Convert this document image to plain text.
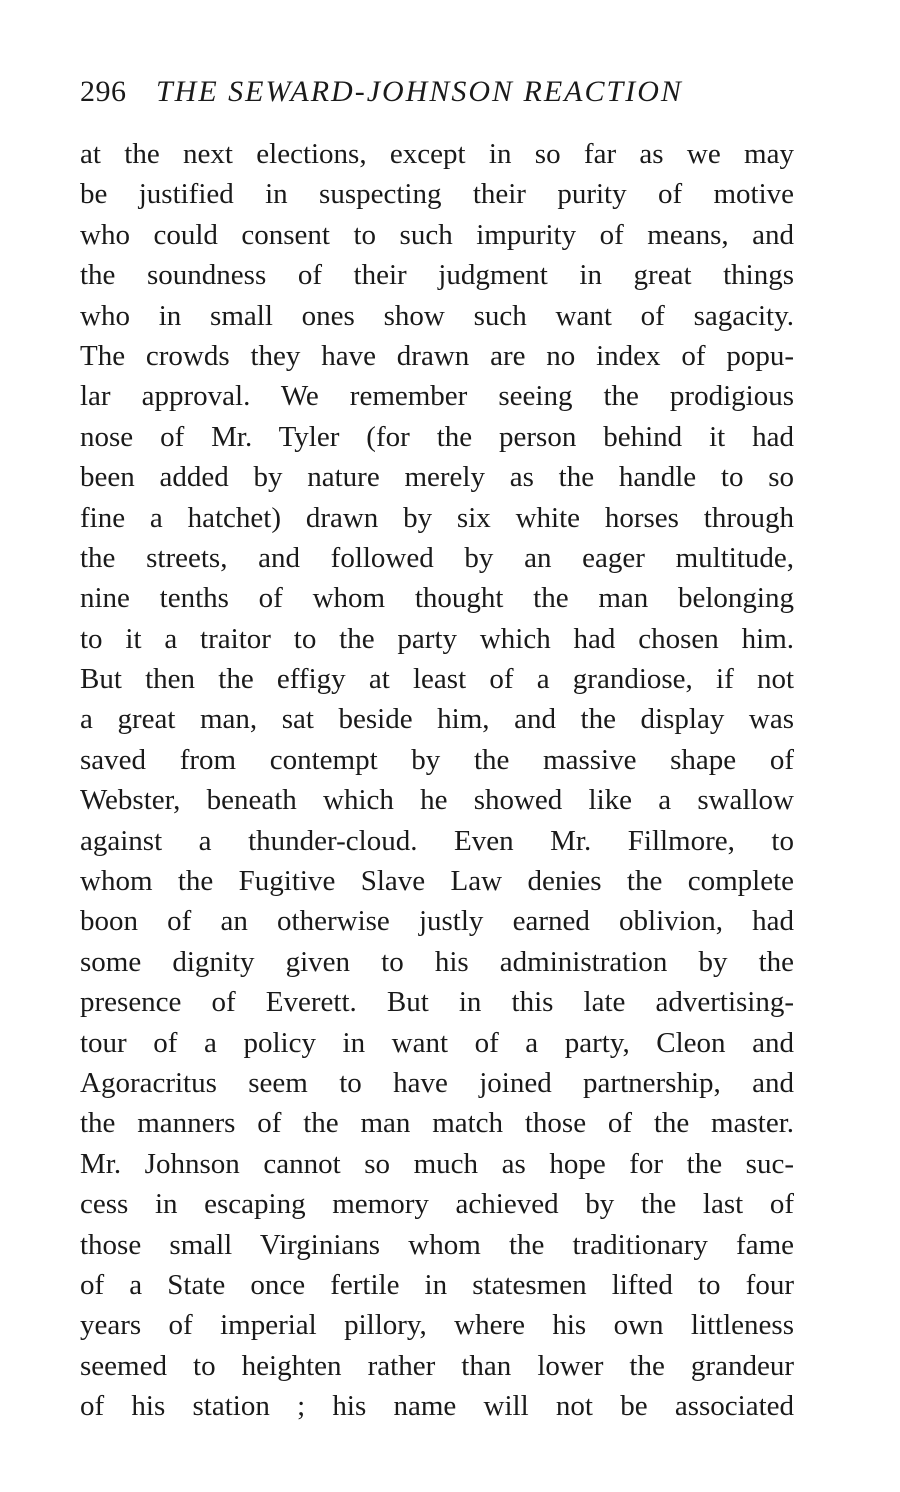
296 THE SEWARD-JOHNSON REACTION
at the next elections, except in so far as we may
be justified in suspecting their purity of motive
who could consent to such impurity of means, and
the soundness of their judgment in great things
who in small ones show such want of sagacity.
The crowds they have drawn are no index of popu-
lar approval. We remember seeing the prodigious
nose of Mr. Tyler (for the person behind it had
been added by nature merely as the handle to so
fine a hatchet) drawn by six white horses through
the streets, and followed by an eager multitude,
nine tenths of whom thought the man belonging
to it a traitor to the party which had chosen him.
But then the effigy at least of a grandiose, if not
a great man, sat beside him, and the display was
saved from contempt by the massive shape of
Webster, beneath which he showed like a swallow
against a thunder-cloud. Even Mr. Fillmore, to
whom the Fugitive Slave Law denies the complete
boon of an otherwise justly earned oblivion, had
some dignity given to his administration by the
presence of Everett. But in this late advertising-
tour of a policy in want of a party, Cleon and
Agoracritus seem to have joined partnership, and
the manners of the man match those of the master.
Mr. Johnson cannot so much as hope for the suc-
cess in escaping memory achieved by the last of
those small Virginians whom the traditionary fame
of a State once fertile in statesmen lifted to four
years of imperial pillory, where his own littleness
seemed to heighten rather than lower the grandeur
of his station ; his name will not be associated
